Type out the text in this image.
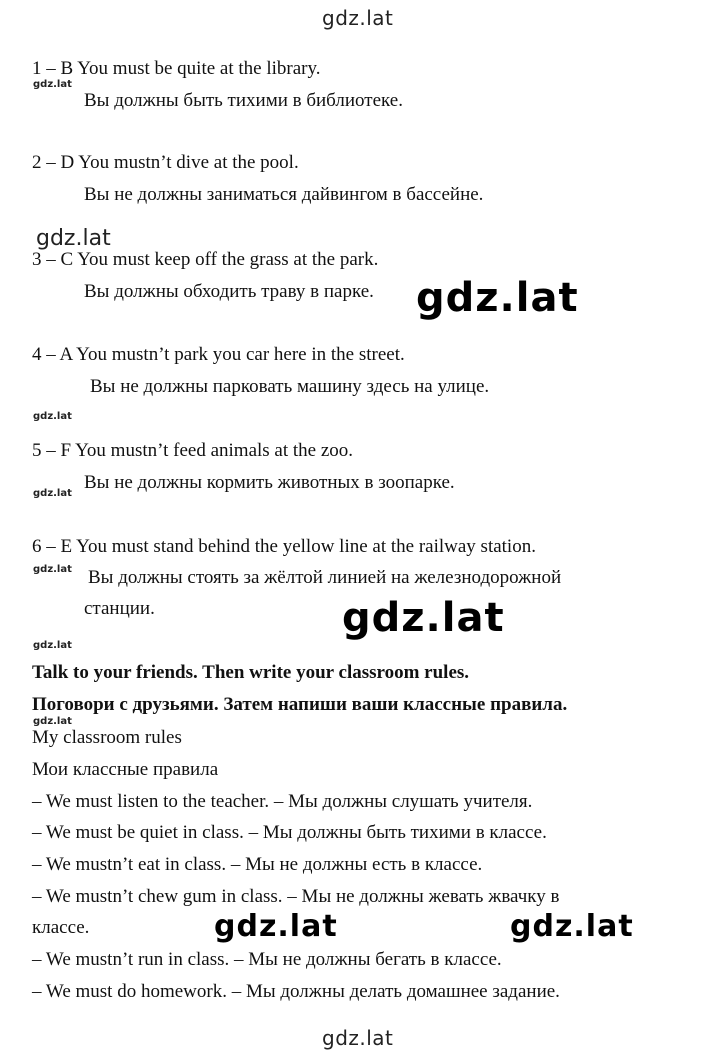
gdz.lat
1 – B You must be quite at the library.
gdz.lat
Вы должны быть тихими в библиотеке.
2 – D You mustn’t dive at the pool.
Вы не должны заниматься дайвингом в бассейне.
gdz.lat
3 – C You must keep off the grass at the park.
Вы должны обходить траву в парке. gdz.lat
4 – A You mustn’t park you car here in the street.
Вы не должны парковать машину здесь на улице.
gdz.lat
5 – F You mustn’t feed animals at the zoo.
Вы не должны кормить животных в зоопарке.
gdz.lat
6 – E You must stand behind the yellow line at the railway station.
gdz.lat Вы должны стоять за жёлтой линией на железнодорожной
станции.	gdz.lat
gdz.lat
Talk to your friends. Then write your classroom rules.
Поговори с друзьями. Затем напиши ваши классные правила.
gdz.lat
My classroom rules
Мои классные правила
– We must listen to the teacher. – Мы должны слушать учителя.
– We must be quiet in class. – Мы должны быть тихими в классе.
– We mustn’t eat in class. – Мы не должны есть в классе.
– We mustn’t chew gum in class. – Мы не должны жевать жвачку в
классе.	gdz.lat	gdz.lat
– We mustn’t run in class. – Мы не должны бегать в классе.
– We must do homework. – Мы должны делать домашнее задание.
gdz.lat
